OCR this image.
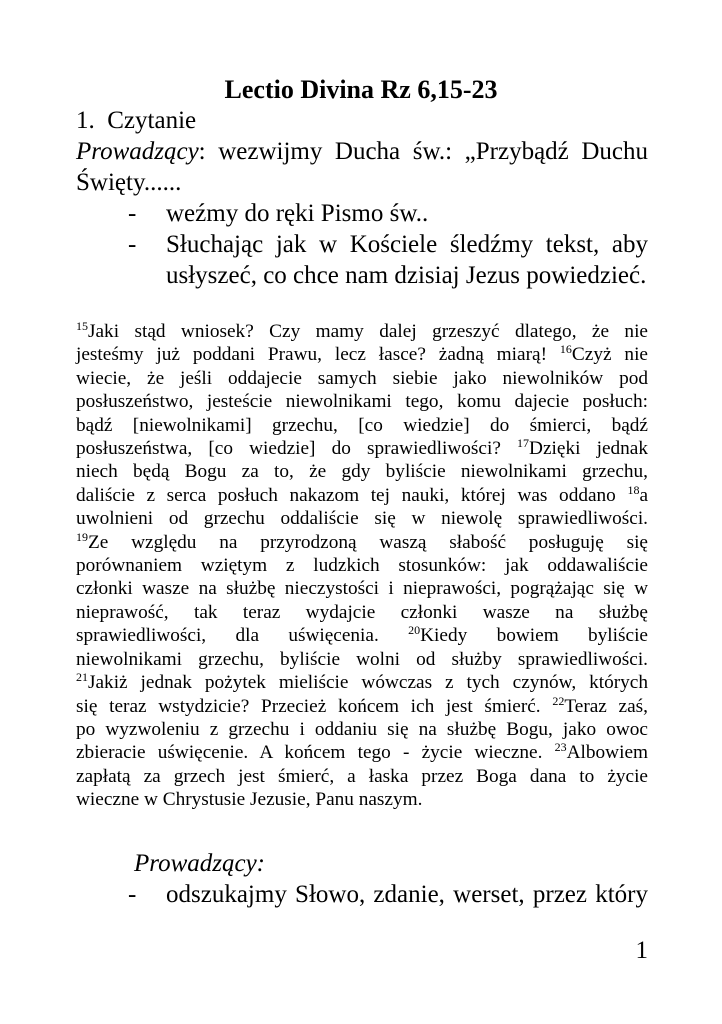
Lectio Divina Rz 6,15-23
1. Czytanie
Prowadzący: wezwijmy Ducha św.: „Przybądź Duchu
Święty......
-	weźmy do ręki Pismo św..
-	Słuchając jak w Kościele śledźmy tekst, aby
usłyszeć, co chce nam dzisiaj Jezus powiedzieć.
$^{15}$Jaki stąd wniosek? Czy mamy dalej grzeszyć dlatego, że nie
jesteśmy już poddani Prawu, lecz łasce? żadną miarą! $^{16}$Czyż nie
wiecie, że jeśli oddajecie samych siebie jako niewolników pod
posłuszeństwo, jesteście niewolnikami tego, komu dajecie posłuch:
bądź [niewolnikami] grzechu, [co wiedzie] do śmierci, bądź
posłuszeństwa, [co wiedzie] do sprawiedliwości? $^{17}$Dzięki jednak
niech będą Bogu za to, że gdy byliście niewolnikami grzechu,
daliście z serca posłuch nakazom tej nauki, której was oddano $^{18}$a
uwolnieni od grzechu oddaliście się w niewolę sprawiedliwości.
$^{19}$Ze względu na przyrodzoną waszą słabość posługuję się
porównaniem wziętym z ludzkich stosunków: jak oddawaliście
członki wasze na służbę nieczystości i nieprawości, pogrążając się w
nieprawość, tak teraz wydajcie członki wasze na służbę
sprawiedliwości, dla uświęcenia. $^{20}$Kiedy bowiem byliście
niewolnikami grzechu, byliście wolni od służby sprawiedliwości.
$^{21}$Jakiż jednak pożytek mieliście wówczas z tych czynów, których
się teraz wstydzicie? Przecież końcem ich jest śmierć. $^{22}$Teraz zaś,
po wyzwoleniu z grzechu i oddaniu się na służbę Bogu, jako owoc
zbieracie uświęcenie. A końcem tego - życie wieczne. $^{23}$Albowiem
zapłatą za grzech jest śmierć, a łaska przez Boga dana to życie
wieczne w Chrystusie Jezusie, Panu naszym.
Prowadzący:
-	odszukajmy Słowo, zdanie, werset, przez który
1
